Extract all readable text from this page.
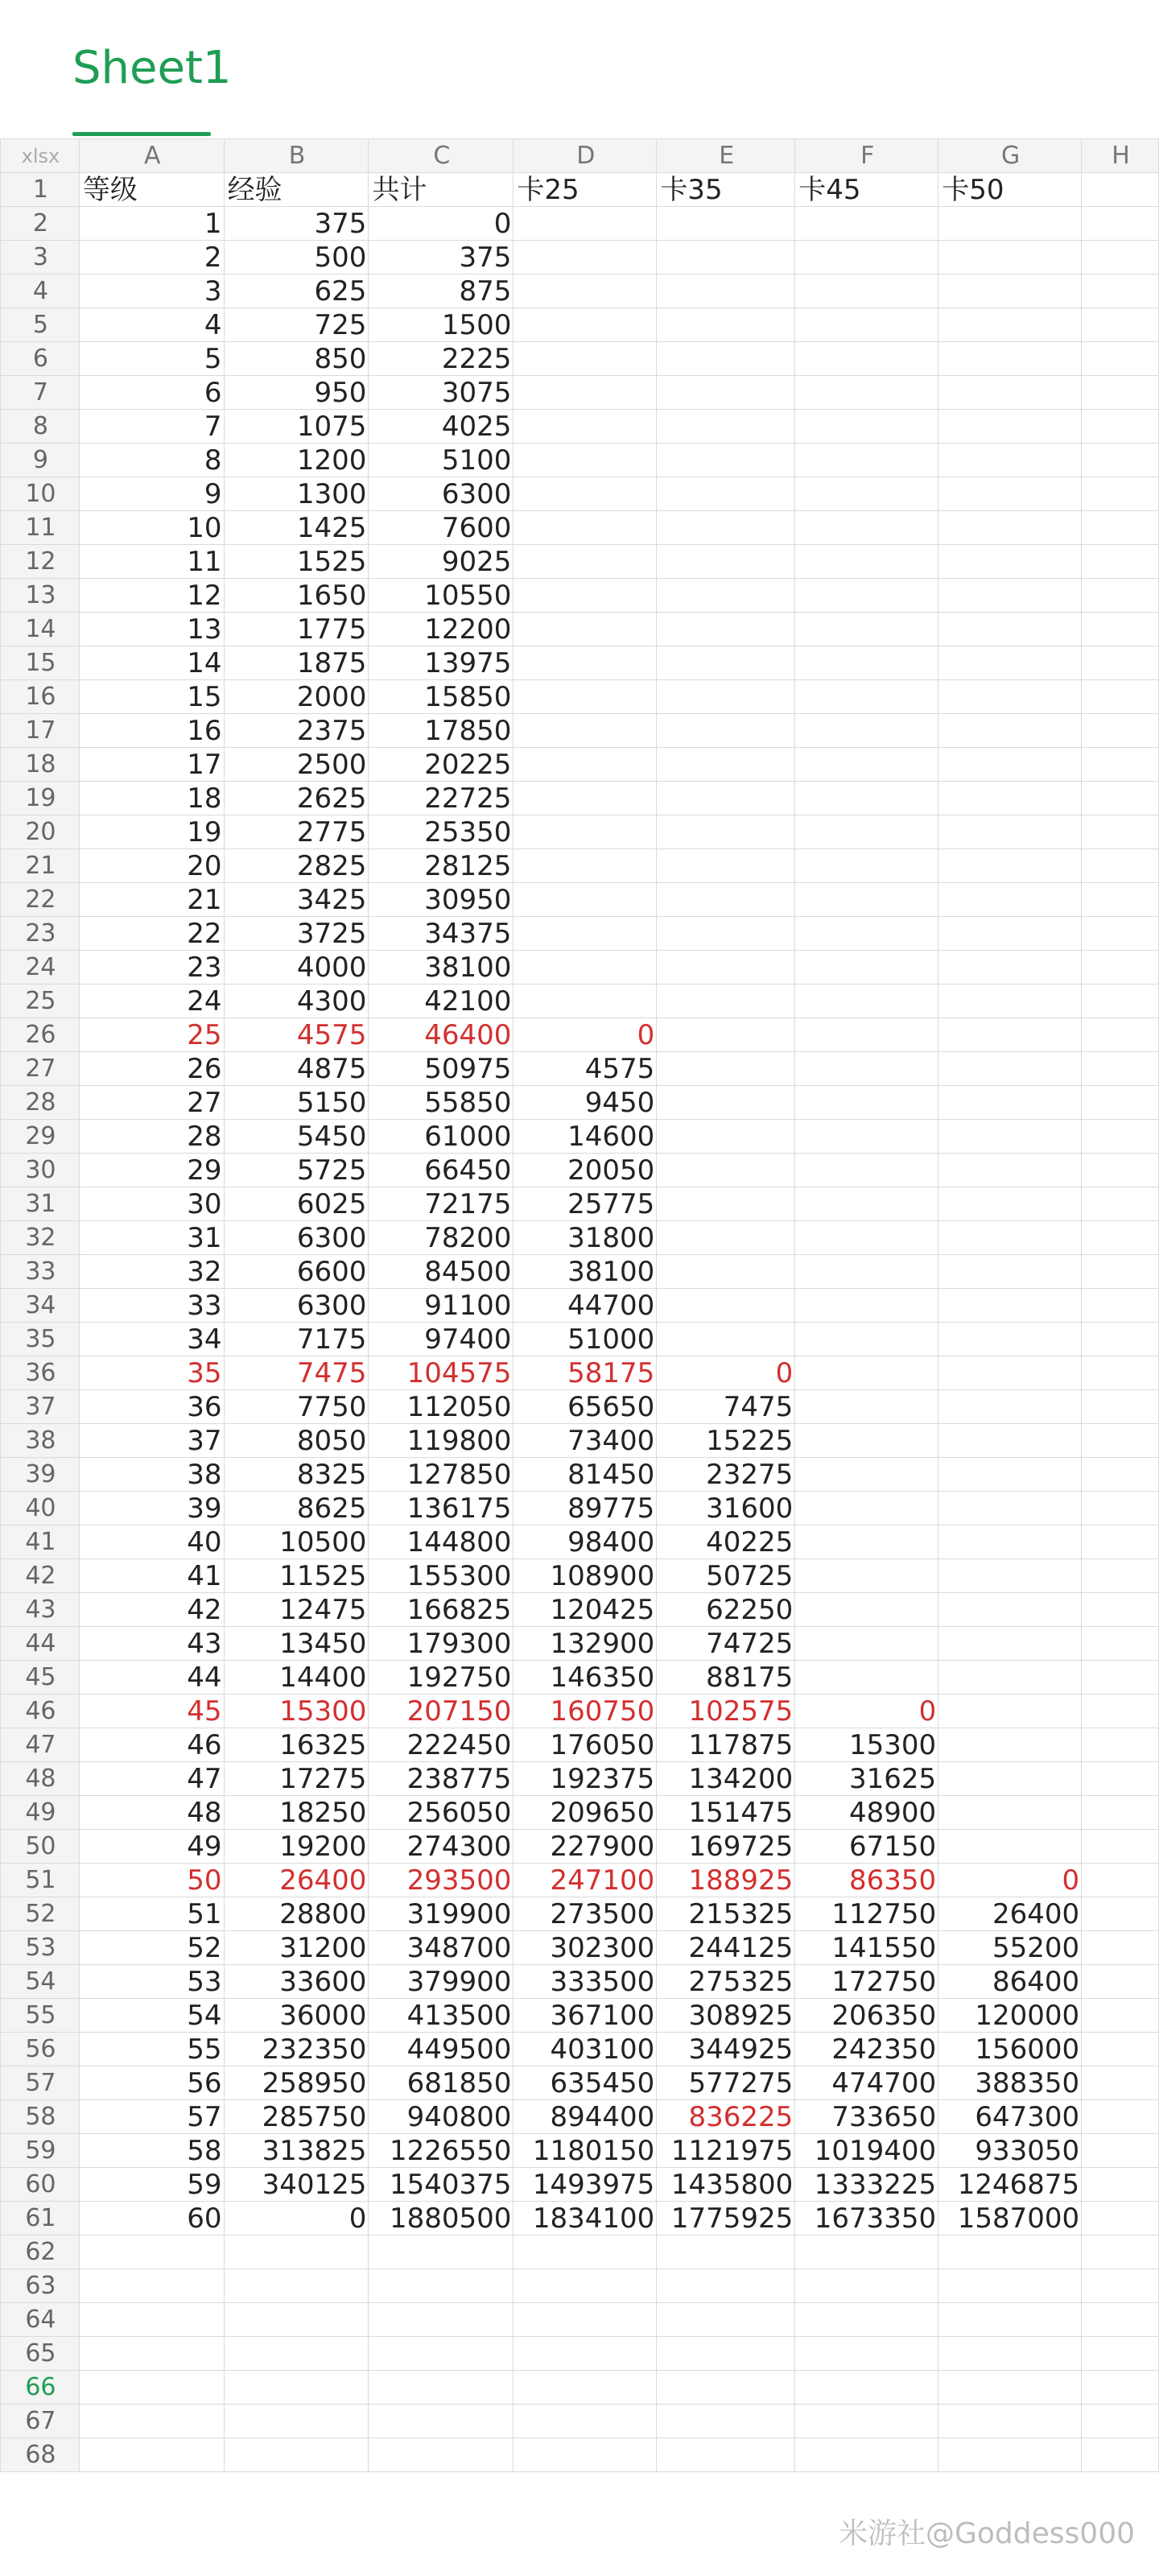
Sheet1
xlsx	A	B	C	D	E	F	G	H
1	等级	经验	共计	卡25	卡35	卡45	卡50	
2	1	375	0					
3	2	500	375					
4	3	625	875					
5	4	725	1500					
6	5	850	2225					
7	6	950	3075					
8	7	1075	4025					
9	8	1200	5100					
10	9	1300	6300					
11	10	1425	7600					
12	11	1525	9025					
13	12	1650	10550					
14	13	1775	12200					
15	14	1875	13975					
16	15	2000	15850					
17	16	2375	17850					
18	17	2500	20225					
19	18	2625	22725					
20	19	2775	25350					
21	20	2825	28125					
22	21	3425	30950					
23	22	3725	34375					
24	23	4000	38100					
25	24	4300	42100					
26	25	4575	46400	0				
27	26	4875	50975	4575				
28	27	5150	55850	9450				
29	28	5450	61000	14600				
30	29	5725	66450	20050				
31	30	6025	72175	25775				
32	31	6300	78200	31800				
33	32	6600	84500	38100				
34	33	6300	91100	44700				
35	34	7175	97400	51000				
36	35	7475	104575	58175	0			
37	36	7750	112050	65650	7475			
38	37	8050	119800	73400	15225			
39	38	8325	127850	81450	23275			
40	39	8625	136175	89775	31600			
41	40	10500	144800	98400	40225			
42	41	11525	155300	108900	50725			
43	42	12475	166825	120425	62250			
44	43	13450	179300	132900	74725			
45	44	14400	192750	146350	88175			
46	45	15300	207150	160750	102575	0		
47	46	16325	222450	176050	117875	15300		
48	47	17275	238775	192375	134200	31625		
49	48	18250	256050	209650	151475	48900		
50	49	19200	274300	227900	169725	67150		
51	50	26400	293500	247100	188925	86350	0	
52	51	28800	319900	273500	215325	112750	26400	
53	52	31200	348700	302300	244125	141550	55200	
54	53	33600	379900	333500	275325	172750	86400	
55	54	36000	413500	367100	308925	206350	120000	
56	55	232350	449500	403100	344925	242350	156000	
57	56	258950	681850	635450	577275	474700	388350	
58	57	285750	940800	894400	836225	733650	647300	
59	58	313825	1226550	1180150	1121975	1019400	933050	
60	59	340125	1540375	1493975	1435800	1333225	1246875	
61	60	0	1880500	1834100	1775925	1673350	1587000	
62								
63								
64								
65								
66								
67								
68								
米游社@Goddess000
